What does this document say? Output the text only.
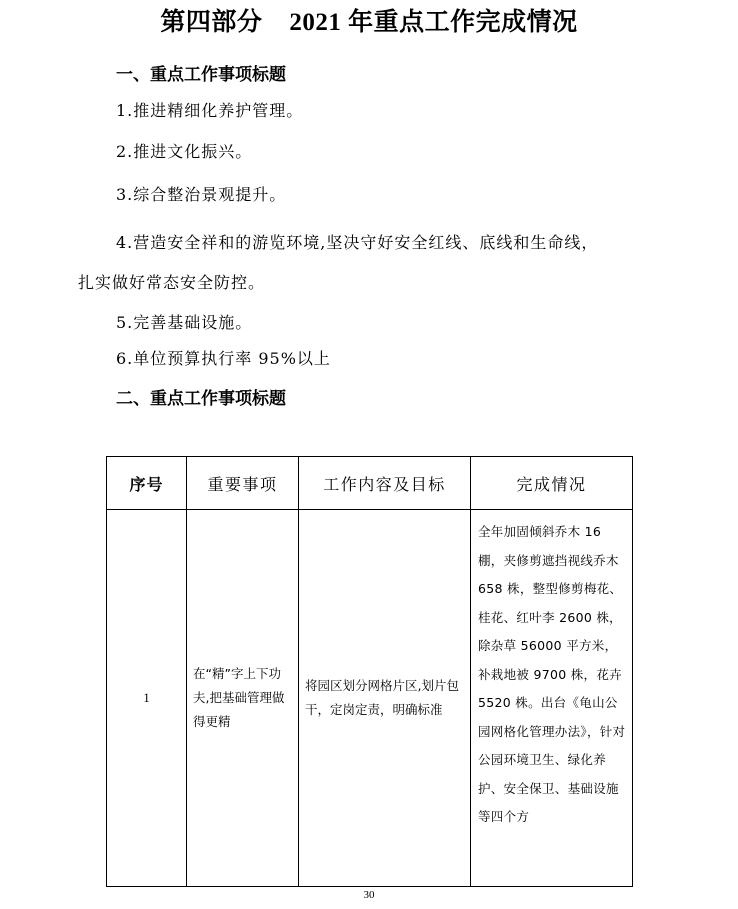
第四部分    2021 年重点工作完成情况
一、重点工作事项标题
1.推进精细化养护管理。
2.推进文化振兴。
3.综合整治景观提升。
4.营造安全祥和的游览环境,坚决守好安全红线、底线和生命线，
扎实做好常态安全防控。
5.完善基础设施。
6.单位预算执行率 95%以上
二、重点工作事项标题
序号	重要事项	工作内容及目标	完成情况
1	在“精”字上下功夫,把基础管理做得更精	将园区划分网格片区,划片包干，定岗定责，明确标准	全年加固倾斜乔木 16 棚，夹修剪遮挡视线乔木 658 株，整型修剪梅花、桂花、红叶李 2600 株，除杂草 56000 平方米，补栽地被 9700 株，花卉 5520 株。出台《龟山公园网格化管理办法》，针对公园环境卫生、绿化养护、安全保卫、基础设施等四个方
30
